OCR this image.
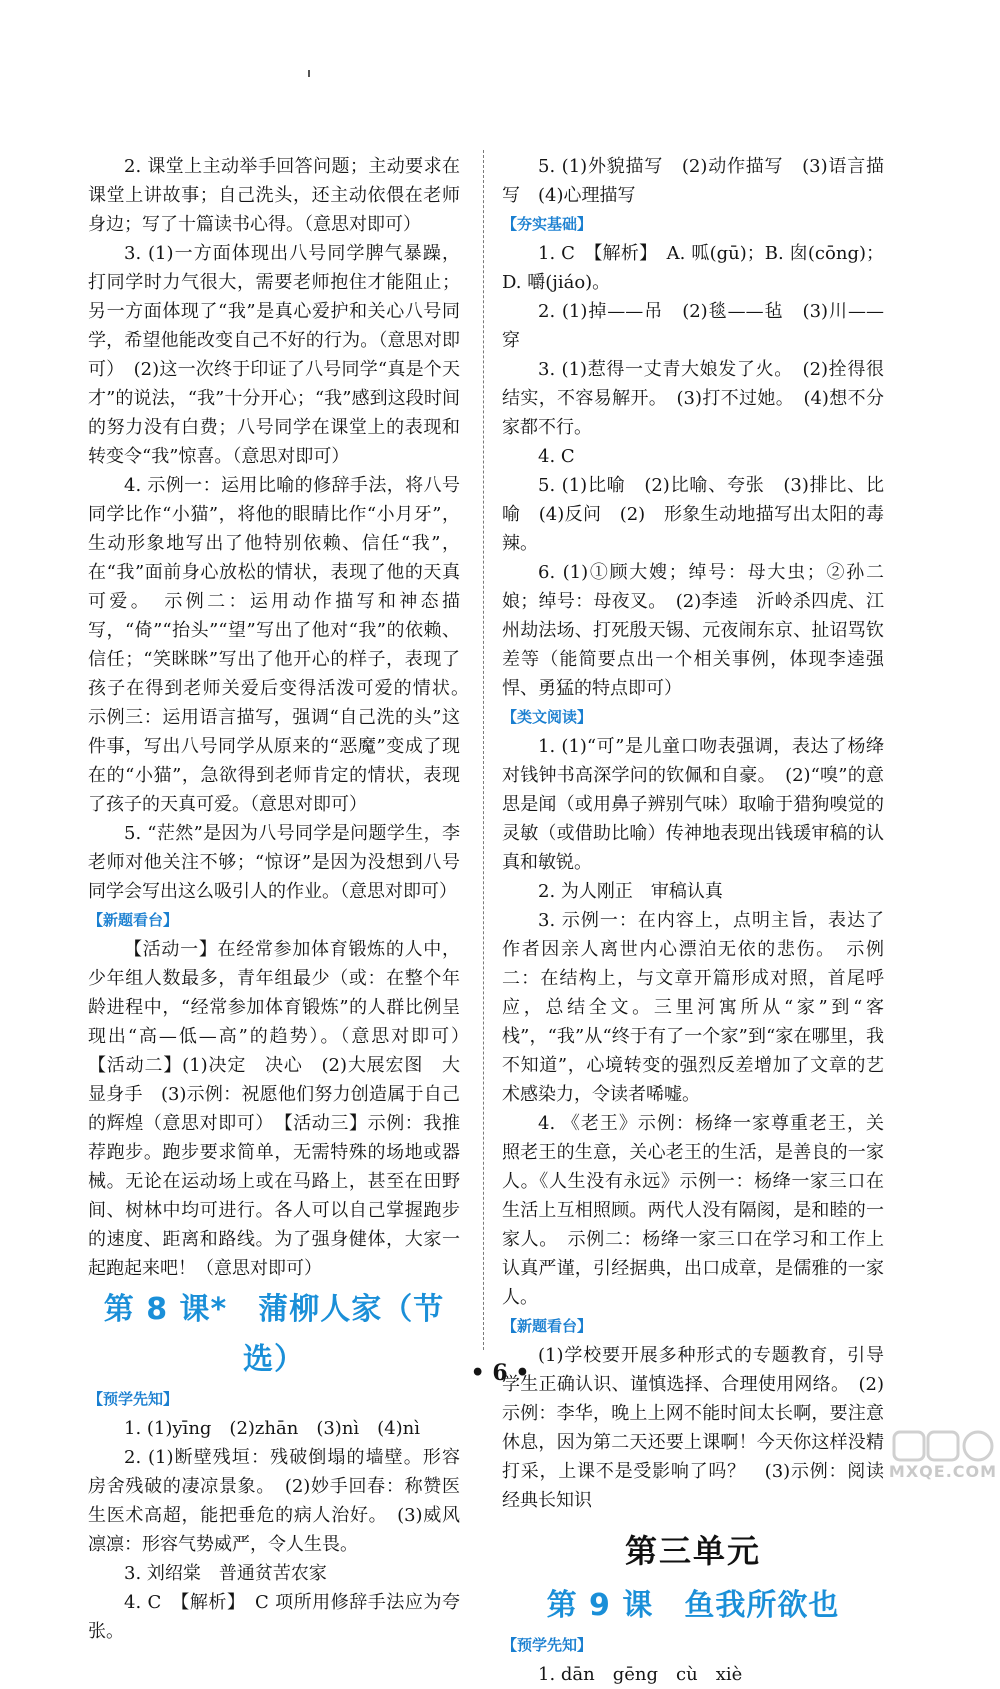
2. 课堂上主动举手回答问题；主动要求在课堂上讲故事；自己洗头，还主动依偎在老师身边；写了十篇读书心得。（意思对即可）

3. (1)一方面体现出八号同学脾气暴躁，打同学时力气很大，需要老师抱住才能阻止；另一方面体现了“我”是真心爱护和关心八号同学，希望他能改变自己不好的行为。（意思对即可）　(2)这一次终于印证了八号同学“真是个天才”的说法，“我”十分开心；“我”感到这段时间的努力没有白费；八号同学在课堂上的表现和转变令“我”惊喜。（意思对即可）

4. 示例一：运用比喻的修辞手法，将八号同学比作“小猫”，将他的眼睛比作“小月牙”，生动形象地写出了他特别依赖、信任“我”，在“我”面前身心放松的情状，表现了他的天真可爱。　示例二：运用动作描写和神态描写，“倚”“抬头”“望”写出了他对“我”的依赖、信任；“笑眯眯”写出了他开心的样子，表现了孩子在得到老师关爱后变得活泼可爱的情状。　示例三：运用语言描写，强调“自己洗的头”这件事，写出八号同学从原来的“恶魔”变成了现在的“小猫”，急欲得到老师肯定的情状，表现了孩子的天真可爱。（意思对即可）

5. “茫然”是因为八号同学是问题学生，李老师对他关注不够；“惊讶”是因为没想到八号同学会写出这么吸引人的作业。（意思对即可）

【新题看台】

【活动一】在经常参加体育锻炼的人中，少年组人数最多，青年组最少（或：在整个年龄进程中，“经常参加体育锻炼”的人群比例呈现出“高—低—高”的趋势）。（意思对即可）　【活动二】(1)决定　决心　(2)大展宏图　大显身手　(3)示例：祝愿他们努力创造属于自己的辉煌（意思对即可）　【活动三】示例：我推荐跑步。跑步要求简单，无需特殊的场地或器械。无论在运动场上或在马路上，甚至在田野间、树林中均可进行。各人可以自己掌握跑步的速度、距离和路线。为了强身健体，大家一起跑起来吧！（意思对即可）

第 8 课*　蒲柳人家（节选）
【预学先知】

1. (1)yīng　(2)zhān　(3)nì　(4)nì

2. (1)断壁残垣：残破倒塌的墙壁。形容房舍残破的凄凉景象。　(2)妙手回春：称赞医生医术高超，能把垂危的病人治好。　(3)威风凛凛：形容气势威严，令人生畏。

3. 刘绍棠　普通贫苦农家

4. C　【解析】　C 项所用修辞手法应为夸张。

5. (1)外貌描写　(2)动作描写　(3)语言描写　(4)心理描写

【夯实基础】

1. C　【解析】　A. 呱(gū)；B. 囱(cōng)；D. 嚼(jiáo)。

2. (1)掉——吊　(2)毯——毡　(3)川——穿

3. (1)惹得一丈青大娘发了火。　(2)拴得很结实，不容易解开。　(3)打不过她。　(4)想不分家都不行。

4. C

5. (1)比喻　(2)比喻、夸张　(3)排比、比喻　(4)反问　(2)　形象生动地描写出太阳的毒辣。

6. (1)①顾大嫂；绰号：母大虫；②孙二娘；绰号：母夜叉。　(2)李逵　沂岭杀四虎、江州劫法场、打死殷天锡、元夜闹东京、扯诏骂钦差等（能简要点出一个相关事例，体现李逵强悍、勇猛的特点即可）

【类文阅读】

1. (1)“可”是儿童口吻表强调，表达了杨绛对钱钟书高深学问的钦佩和自豪。　(2)“嗅”的意思是闻（或用鼻子辨别气味）取喻于猎狗嗅觉的灵敏（或借助比喻）传神地表现出钱瑗审稿的认真和敏锐。

2. 为人刚正　审稿认真

3. 示例一：在内容上，点明主旨，表达了作者因亲人离世内心漂泊无依的悲伤。　示例二：在结构上，与文章开篇形成对照，首尾呼应，总结全文。三里河寓所从“家”到“客栈”，“我”从“终于有了一个家”到“家在哪里，我不知道”，心境转变的强烈反差增加了文章的艺术感染力，令读者唏嘘。

4. 《老王》示例：杨绛一家尊重老王，关照老王的生意，关心老王的生活，是善良的一家人。《人生没有永远》示例一：杨绛一家三口在生活上互相照顾。两代人没有隔阂，是和睦的一家人。　示例二：杨绛一家三口在学习和工作上认真严谨，引经据典，出口成章，是儒雅的一家人。

【新题看台】

(1)学校要开展多种形式的专题教育，引导学生正确认识、谨慎选择、合理使用网络。　(2)示例：李华，晚上上网不能时间太长啊，要注意休息，因为第二天还要上课啊！今天你这样没精打采，上课不是受影响了吗？　(3)示例：阅读经典长知识

第三单元
第 9 课　鱼我所欲也
【预学先知】

1. dān　gēng　cù　xiè

• 6 •
MXQE.COM
